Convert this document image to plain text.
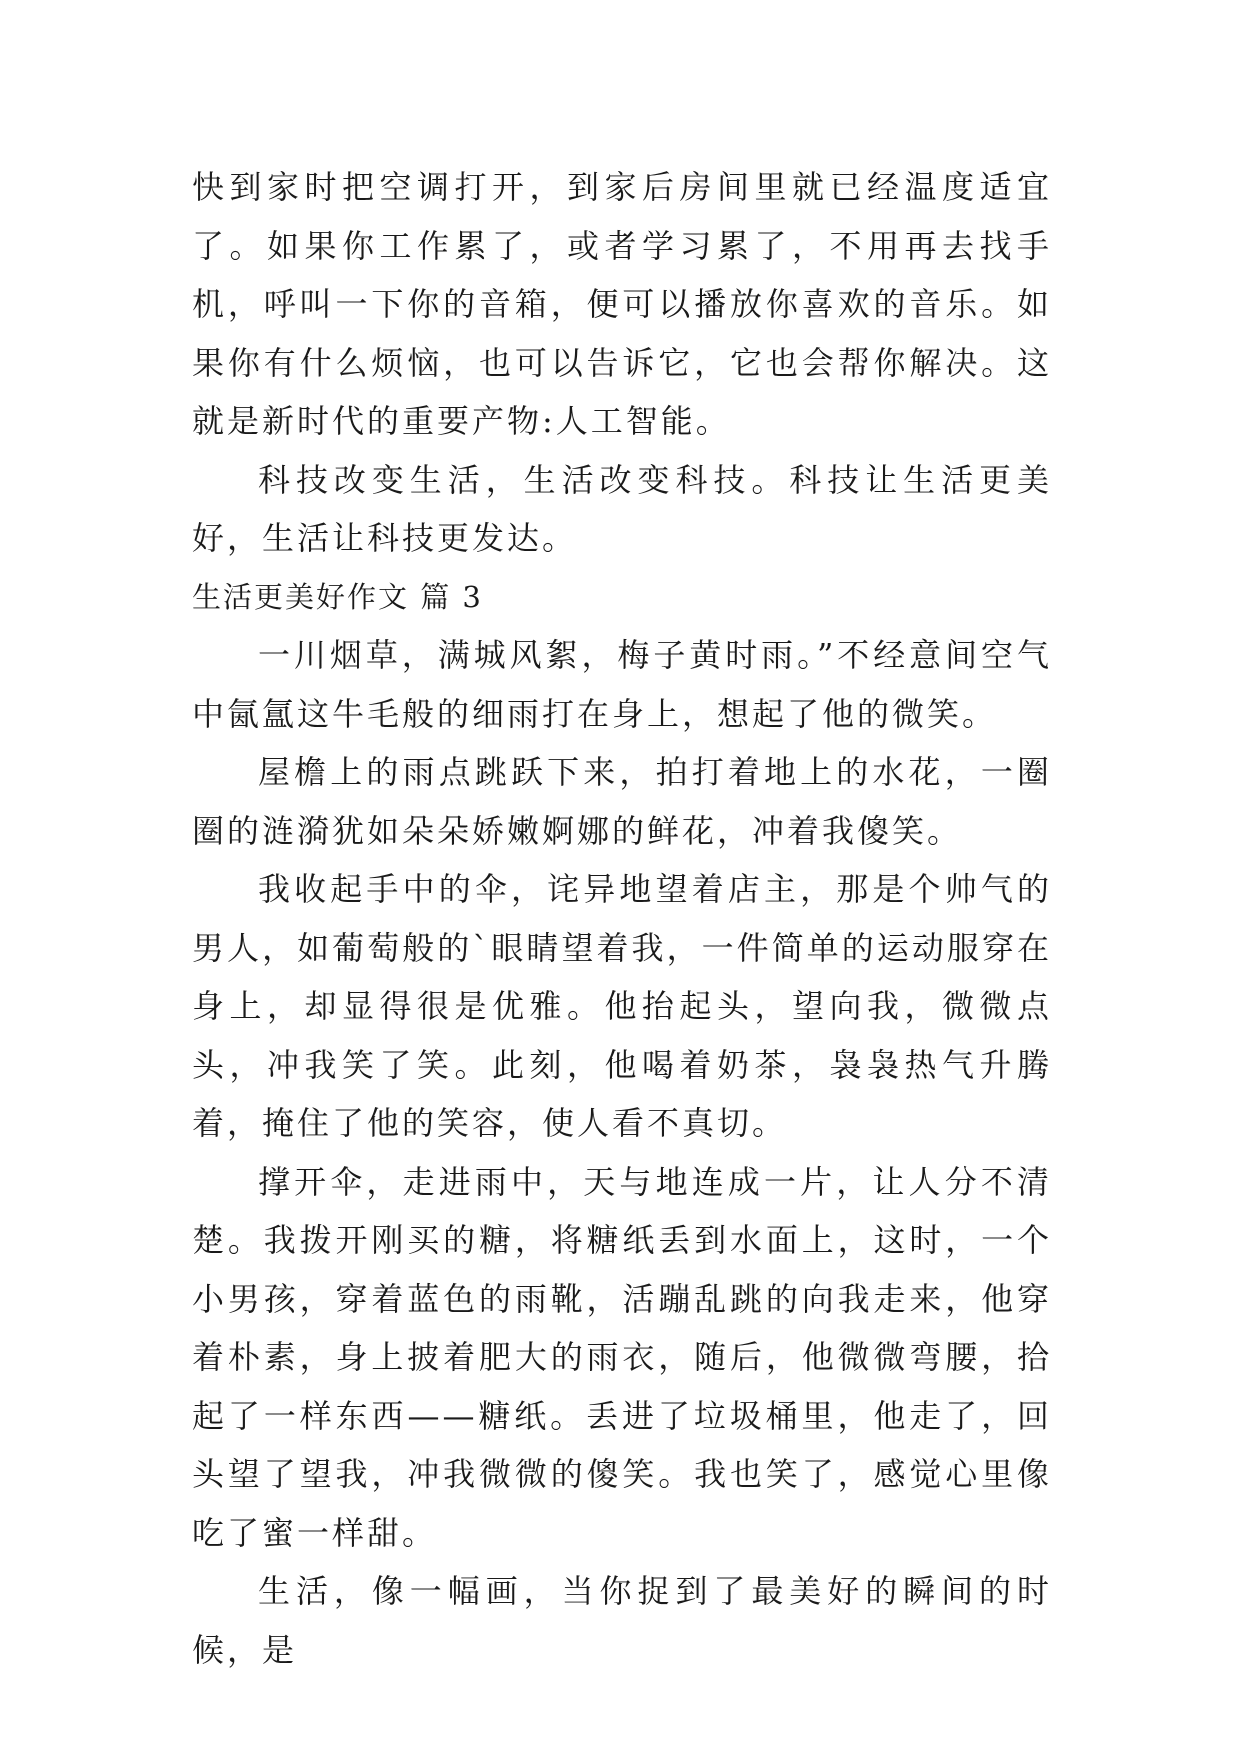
快到家时把空调打开，到家后房间里就已经温度适宜了。如果你工作累了，或者学习累了，不用再去找手机，呼叫一下你的音箱，便可以播放你喜欢的音乐。如果你有什么烦恼，也可以告诉它，它也会帮你解决。这就是新时代的重要产物:人工智能。

科技改变生活，生活改变科技。科技让生活更美好，生活让科技更发达。

生活更美好作文 篇 3

一川烟草，满城风絮，梅子黄时雨。”不经意间空气中氤氲这牛毛般的细雨打在身上，想起了他的微笑。

屋檐上的雨点跳跃下来，拍打着地上的水花，一圈圈的涟漪犹如朵朵娇嫩婀娜的鲜花，冲着我傻笑。

我收起手中的伞，诧异地望着店主，那是个帅气的男人，如葡萄般的`眼睛望着我，一件简单的运动服穿在身上，却显得很是优雅。他抬起头，望向我，微微点头，冲我笑了笑。此刻，他喝着奶茶，袅袅热气升腾着，掩住了他的笑容，使人看不真切。

撑开伞，走进雨中，天与地连成一片，让人分不清楚。我拨开刚买的糖，将糖纸丢到水面上，这时，一个小男孩，穿着蓝色的雨靴，活蹦乱跳的向我走来，他穿着朴素，身上披着肥大的雨衣，随后，他微微弯腰，拾起了一样东西——糖纸。丢进了垃圾桶里，他走了，回头望了望我，冲我微微的傻笑。我也笑了，感觉心里像吃了蜜一样甜。

生活，像一幅画，当你捉到了最美好的瞬间的时候，是
